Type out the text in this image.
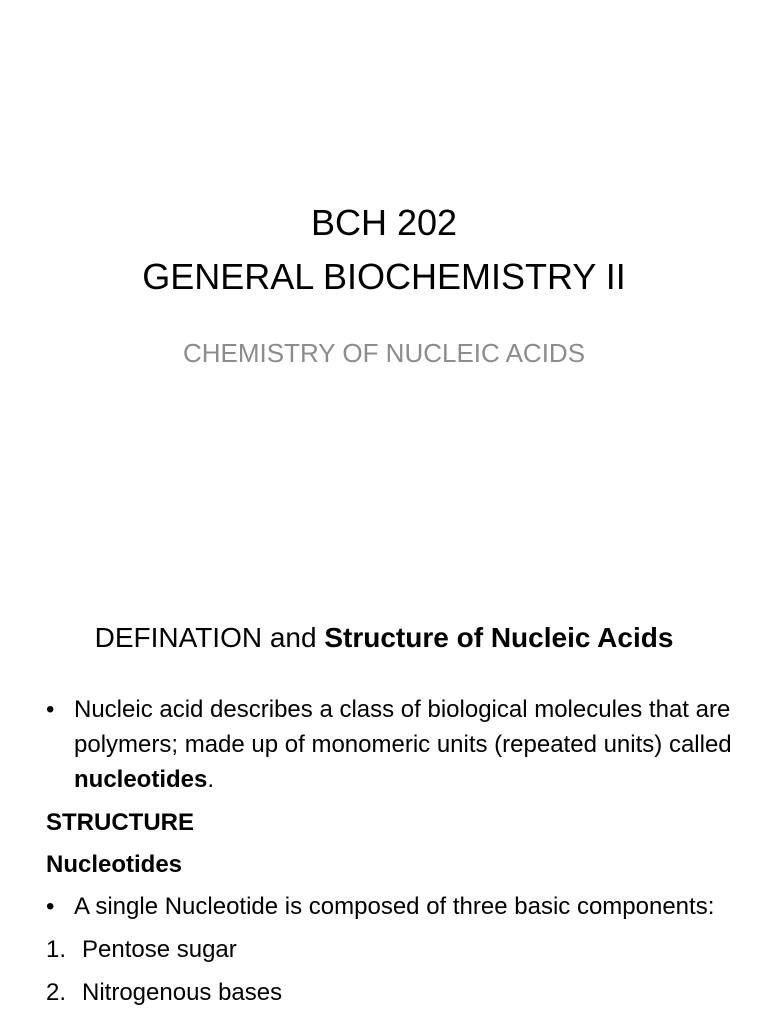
BCH 202
GENERAL BIOCHEMISTRY II
CHEMISTRY OF NUCLEIC ACIDS
DEFINATION and Structure of Nucleic Acids
• Nucleic acid describes a class of biological molecules that are polymers; made up of monomeric units (repeated units) called nucleotides.
STRUCTURE
Nucleotides
• A single Nucleotide is composed of three basic components:
1. Pentose sugar
2. Nitrogenous bases
